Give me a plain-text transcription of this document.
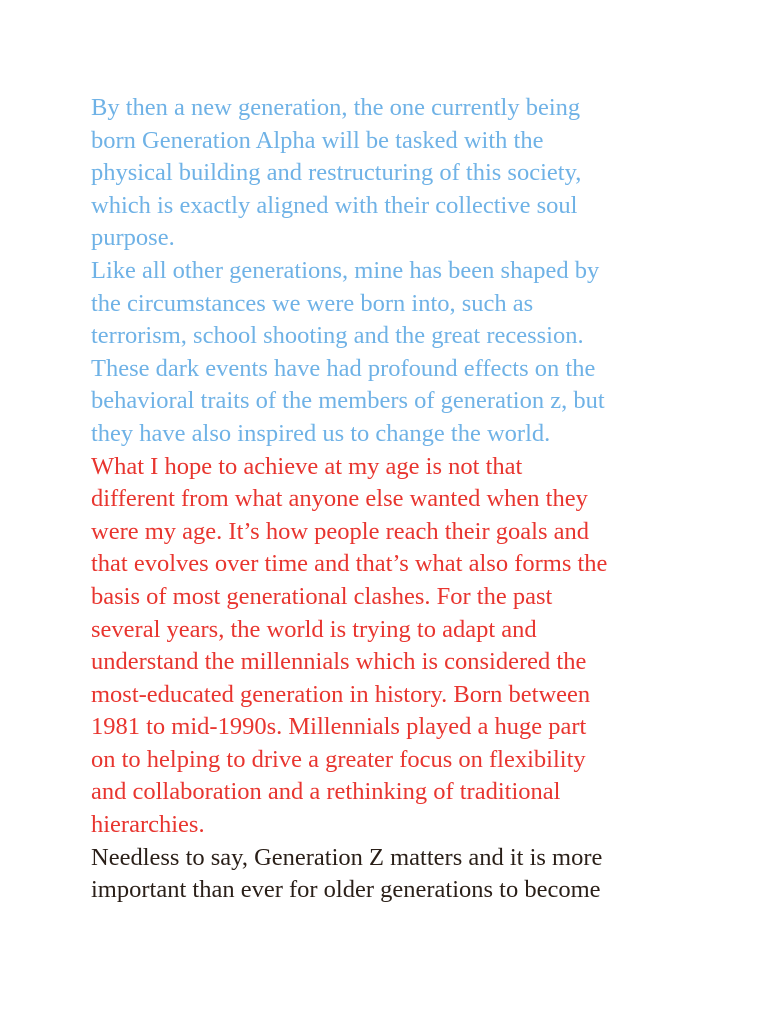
By then a new generation, the one currently being
born Generation Alpha will be tasked with the
physical building and restructuring of this society,
which is exactly aligned with their collective soul
purpose.
Like all other generations, mine has been shaped by
the circumstances we were born into, such as
terrorism, school shooting and the great recession.
These dark events have had profound effects on the
behavioral traits of the members of generation z, but
they have also inspired us to change the world.
What I hope to achieve at my age is not that
different from what anyone else wanted when they
were my age. It’s how people reach their goals and
that evolves over time and that’s what also forms the
basis of most generational clashes. For the past
several years, the world is trying to adapt and
understand the millennials which is considered the
most-educated generation in history. Born between
1981 to mid-1990s. Millennials played a huge part
on to helping to drive a greater focus on flexibility
and collaboration and a rethinking of traditional
hierarchies.
Needless to say, Generation Z matters and it is more
important than ever for older generations to become
